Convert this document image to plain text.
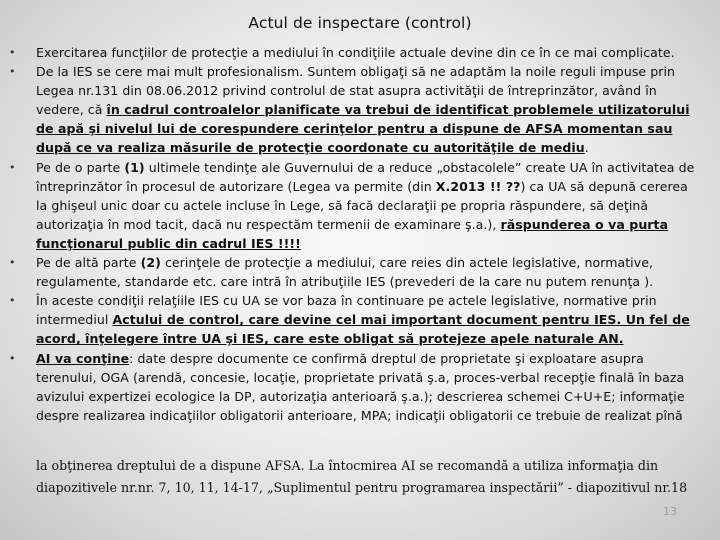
Actul de inspectare (control)
• Exercitarea funcţiilor de protecţie a mediului în condiţiile actuale devine din ce în ce mai complicate.
• De la IES se cere mai mult profesionalism. Suntem obligaţi să ne adaptăm la noile reguli impuse prin Legea nr.131 din 08.06.2012 privind controlul de stat asupra activităţii de întreprinzător, având în vedere, că în cadrul controalelor planificate va trebui de identificat problemele utilizatorului de apă şi nivelul lui de corespundere cerinţelor pentru a dispune de AFSA momentan sau după ce va realiza măsurile de protecţie coordonate cu autorităţile de mediu.
• Pe de o parte (1) ultimele tendinţe ale Guvernului de a reduce „obstacolele” create UA în activitatea de întreprinzător în procesul de autorizare (Legea va permite (din X.2013 !! ??) ca UA să depună cererea la ghişeul unic doar cu actele incluse în Lege, să facă declaraţii pe propria răspundere, să deţină autorizaţia în mod tacit, dacă nu respectăm termenii de examinare ş.a.), răspunderea o va purta funcţionarul public din cadrul IES !!!!
• Pe de altă parte (2) cerinţele de protecţie a mediului, care reies din actele legislative, normative, regulamente, standarde etc. care intră în atribuţiile IES (prevederi de la care nu putem renunţa ).
• În aceste condiţii relaţiile IES cu UA se vor baza în continuare pe actele legislative, normative prin intermediul Actului de control, care devine cel mai important document pentru IES. Un fel de acord, înţelegere între UA şi IES, care este obligat să protejeze apele naturale AN.
• AI va conţine: date despre documente ce confirmă dreptul de proprietate şi exploatare asupra terenului, OGA (arendă, concesie, locaţie, proprietate privată ş.a, proces-verbal recepţie finală în baza avizului expertizei ecologice la DP, autorizaţia anterioară ş.a.); descrierea schemei C+U+E; informaţie despre realizarea indicaţiilor obligatorii anterioare, MPA; indicaţii obligatorii ce trebuie de realizat pînă
la obţinerea dreptului de a dispune AFSA. La întocmirea AI se recomandă a utiliza informaţia din
diapozitivele nr.nr. 7, 10, 11, 14-17, „Suplimentul pentru programarea inspectării” - diapozitivul nr.18
13
